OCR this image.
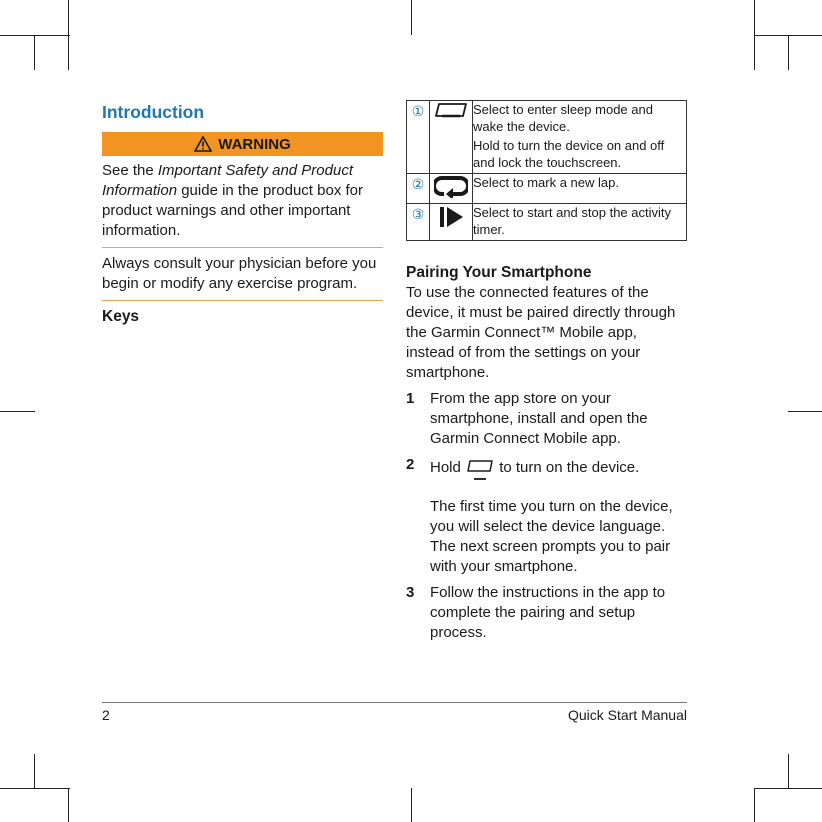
Introduction
WARNING

See the Important Safety and Product Information guide in the product box for product warnings and other important information.

Always consult your physician before you begin or modify any exercise program.

Keys
①		Select to enter sleep mode and wake the device.

Hold to turn the device on and off and lock the touchscreen.

②		Select to mark a new lap.

③		Select to start and stop the activity timer.

Pairing Your Smartphone

To use the connected features of the device, it must be paired directly through the Garmin Connect™ Mobile app, instead of from the settings on your smartphone.

1	From the app store on your smartphone, install and open the Garmin Connect Mobile app.
2	Hold  to turn on the device.
The first time you turn on the device, you will select the device language. The next screen prompts you to pair with your smartphone.
3	Follow the instructions in the app to complete the pairing and setup process.
2	Quick Start Manual
